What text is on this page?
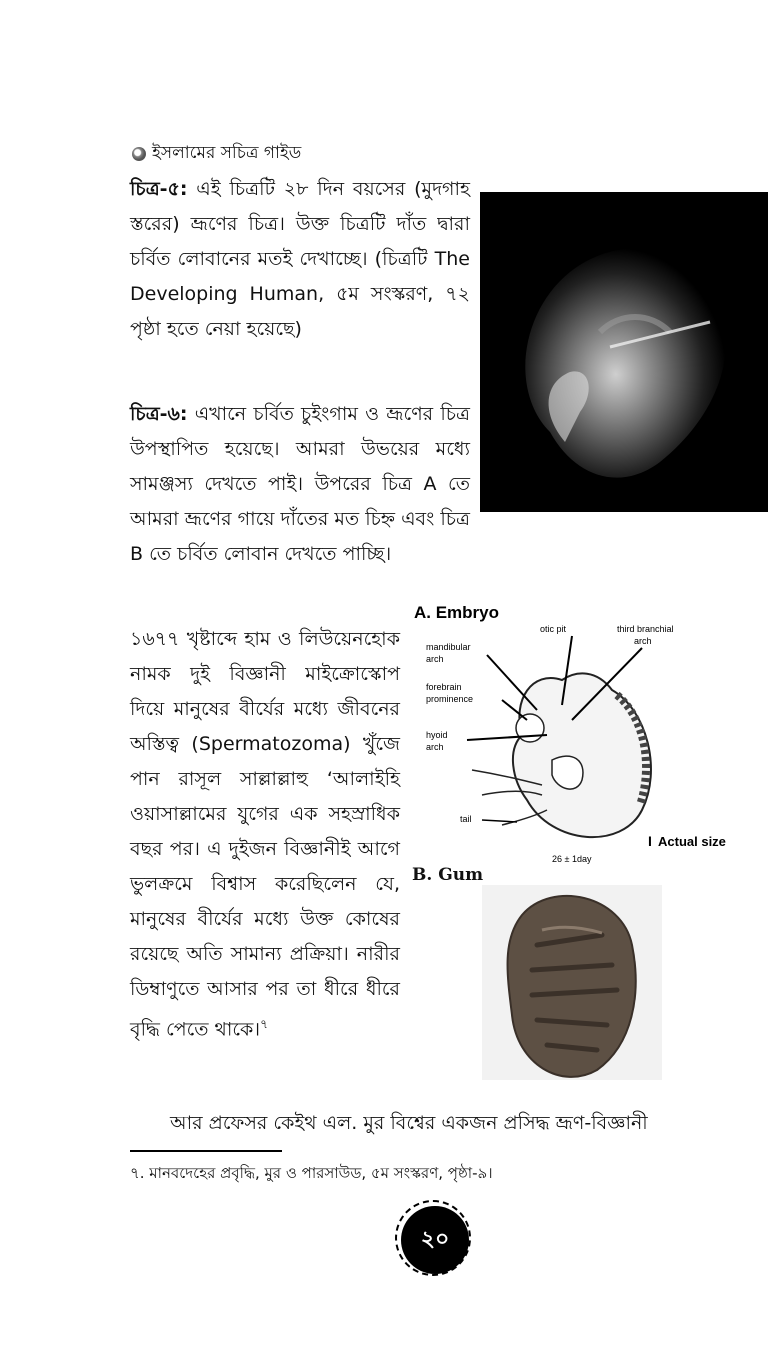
ইসলামের সচিত্র গাইড
চিত্র-৫: এই চিত্রটি ২৮ দিন বয়সের (মুদগাহ স্তরের) ভ্রূণের চিত্র। উক্ত চিত্রটি দাঁত দ্বারা চর্বিত লোবানের মতই দেখাচ্ছে। (চিত্রটি The Developing Human, ৫ম সংস্করণ, ৭২ পৃষ্ঠা হতে নেয়া হয়েছে)
চিত্র-৬: এখানে চর্বিত চুইংগাম ও ভ্রূণের চিত্র উপস্থাপিত হয়েছে। আমরা উভয়ের মধ্যে সামঞ্জস্য দেখতে পাই। উপরের চিত্র A তে আমরা ভ্রূণের গায়ে দাঁতের মত চিহ্ন এবং চিত্র B তে চর্বিত লোবান দেখতে পাচ্ছি।
১৬৭৭ খৃষ্টাব্দে হাম ও লিউয়েনহোক নামক দুই বিজ্ঞানী মাইক্রোস্কোপ দিয়ে মানুষের বীর্যের মধ্যে জীবনের অস্তিত্ব (Spermatozoma) খুঁজে পান রাসূল সাল্লাল্লাহু ‘আলাইহি ওয়াসাল্লামের যুগের এক সহস্রাধিক বছর পর। এ দুইজন বিজ্ঞানীই আগে ভুলক্রমে বিশ্বাস করেছিলেন যে, মানুষের বীর্যের মধ্যে উক্ত কোষের রয়েছে অতি সামান্য প্রক্রিয়া। নারীর ডিম্বাণুতে আসার পর তা ধীরে ধীরে বৃদ্ধি পেতে থাকে।$^৭$
A. Embryo
otic pit	third branchial
arch
mandibular
arch
forebrain
prominence
hyoid
arch
tail
26 ± 1day
I Actual size
B. Gum
আর প্রফেসর কেইথ এল. মুর বিশ্বের একজন প্রসিদ্ধ ভ্রূণ-বিজ্ঞানী
৭. মানবদেহের প্রবৃদ্ধি, মুর ও পারসাউড, ৫ম সংস্করণ, পৃষ্ঠা-৯।
২০
